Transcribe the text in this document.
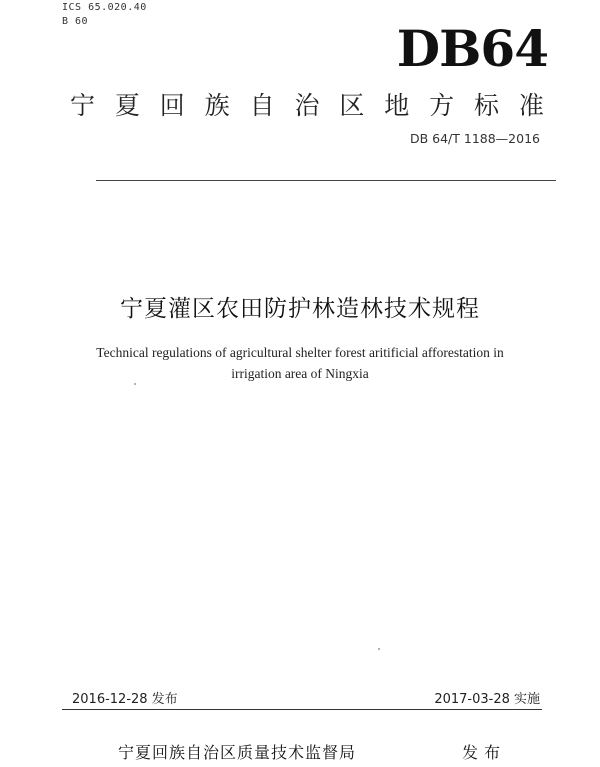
ICS 65.020.40
B 60	DB64
宁 夏 回 族 自 治 区 地 方 标 准
DB 64/T 1188—2016
宁夏灌区农田防护林造林技术规程
Technical regulations of agricultural shelter forest aritificial afforestation in
irrigation area of Ningxia
2016-12-28 发布	2017-03-28 实施
宁夏回族自治区质量技术监督局	发布
